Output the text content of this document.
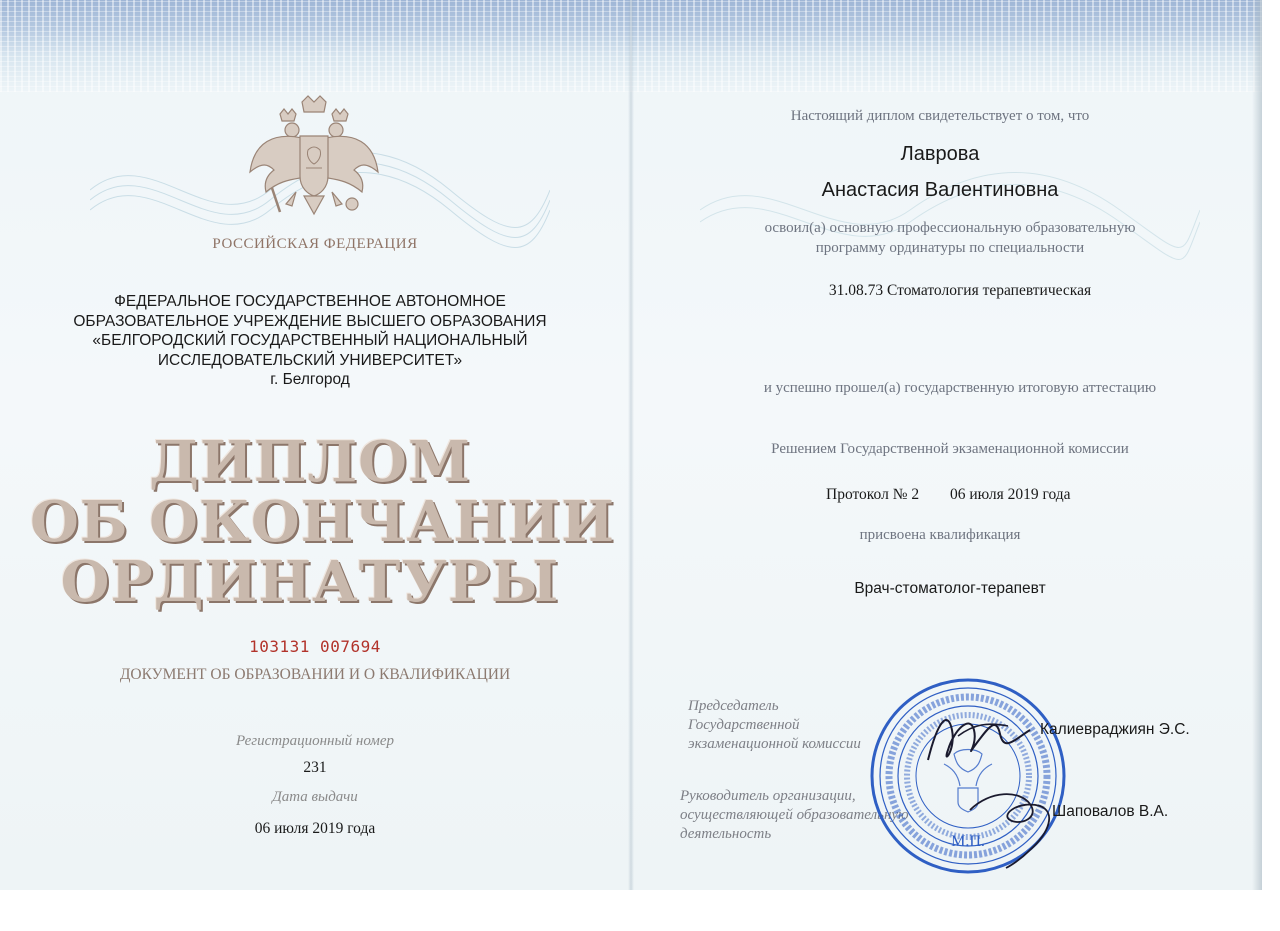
РОССИЙСКАЯ ФЕДЕРАЦИЯ
ФЕДЕРАЛЬНОЕ ГОСУДАРСТВЕННОЕ АВТОНОМНОЕ
ОБРАЗОВАТЕЛЬНОЕ УЧРЕЖДЕНИЕ ВЫСШЕГО ОБРАЗОВАНИЯ
«БЕЛГОРОДСКИЙ ГОСУДАРСТВЕННЫЙ НАЦИОНАЛЬНЫЙ
ИССЛЕДОВАТЕЛЬСКИЙ УНИВЕРСИТЕТ»
г. Белгород
ДИПЛОМ
ОБ ОКОНЧАНИИ
ОРДИНАТУРЫ
103131 007694
ДОКУМЕНТ ОБ ОБРАЗОВАНИИ И О КВАЛИФИКАЦИИ
Регистрационный номер
231
Дата выдачи
06 июля 2019 года
Настоящий диплом свидетельствует о том, что
Лаврова
Анастасия Валентиновна
освоил(а) основную профессиональную образовательную
программу ординатуры по специальности
31.08.73 Стоматология терапевтическая
и успешно прошел(а) государственную итоговую аттестацию
Решением Государственной экзаменационной комиссии
Протокол № 2	06 июля 2019 года
присвоена квалификация
Врач-стоматолог-терапевт
Председатель
Государственной
экзаменационной комиссии
Руководитель организации,
осуществляющей образовательную
деятельность	М.П.
Калиевраджиян Э.С.
Шаповалов В.А.
